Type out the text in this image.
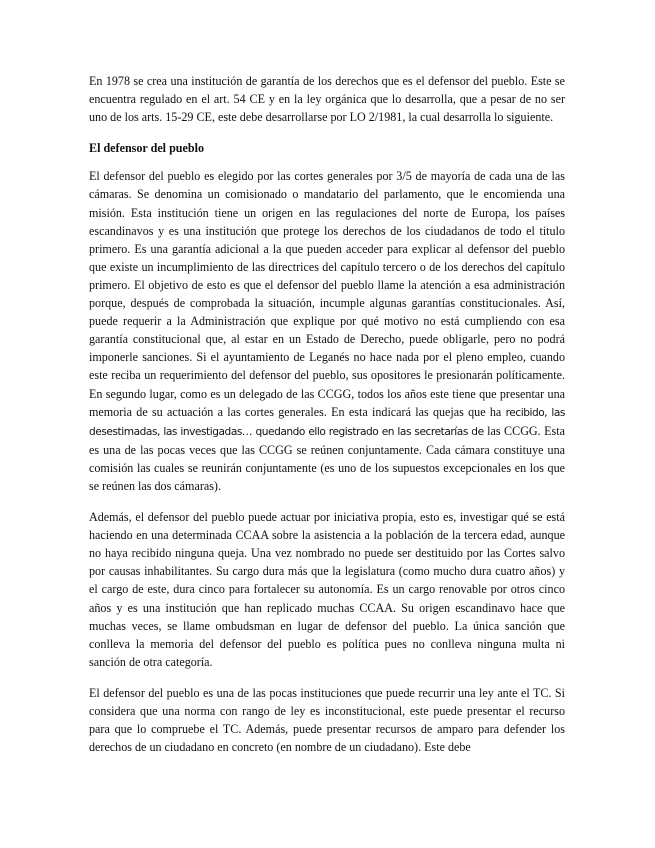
En 1978 se crea una institución de garantía de los derechos que es el defensor del pueblo. Este se encuentra regulado en el art. 54 CE y en la ley orgánica que lo desarrolla, que a pesar de no ser uno de los arts. 15-29 CE, este debe desarrollarse por LO 2/1981, la cual desarrolla lo siguiente.

El defensor del pueblo

El defensor del pueblo es elegido por las cortes generales por 3/5 de mayoría de cada una de las cámaras. Se denomina un comisionado o mandatario del parlamento, que le encomienda una misión. Esta institución tiene un origen en las regulaciones del norte de Europa, los países escandinavos y es una institución que protege los derechos de los ciudadanos de todo el titulo primero. Es una garantía adicional a la que pueden acceder para explicar al defensor del pueblo que existe un incumplimiento de las directrices del capítulo tercero o de los derechos del capítulo primero. El objetivo de esto es que el defensor del pueblo llame la atención a esa administración porque, después de comprobada la situación, incumple algunas garantías constitucionales. Así, puede requerir a la Administración que explique por qué motivo no está cumpliendo con esa garantía constitucional que, al estar en un Estado de Derecho, puede obligarle, pero no podrá imponerle sanciones. Si el ayuntamiento de Leganés no hace nada por el pleno empleo, cuando este reciba un requerimiento del defensor del pueblo, sus opositores le presionarán políticamente. En segundo lugar, como es un delegado de las CCGG, todos los años este tiene que presentar una memoria de su actuación a las cortes generales. En esta indicará las quejas que ha recibido, las desestimadas, las investigadas… quedando ello registrado en las secretarías de las CCGG. Esta es una de las pocas veces que las CCGG se reúnen conjuntamente. Cada cámara constituye una comisión las cuales se reunirán conjuntamente (es uno de los supuestos excepcionales en los que se reúnen las dos cámaras).

Además, el defensor del pueblo puede actuar por iniciativa propia, esto es, investigar qué se está haciendo en una determinada CCAA sobre la asistencia a la población de la tercera edad, aunque no haya recibido ninguna queja. Una vez nombrado no puede ser destituido por las Cortes salvo por causas inhabilitantes. Su cargo dura más que la legislatura (como mucho dura cuatro años) y el cargo de este, dura cinco para fortalecer su autonomía. Es un cargo renovable por otros cinco años y es una institución que han replicado muchas CCAA. Su origen escandinavo hace que muchas veces, se llame ombudsman en lugar de defensor del pueblo. La única sanción que conlleva la memoria del defensor del pueblo es política pues no conlleva ninguna multa ni sanción de otra categoría.

El defensor del pueblo es una de las pocas instituciones que puede recurrir una ley ante el TC. Si considera que una norma con rango de ley es inconstitucional, este puede presentar el recurso para que lo compruebe el TC. Además, puede presentar recursos de amparo para defender los derechos de un ciudadano en concreto (en nombre de un ciudadano). Este debe
